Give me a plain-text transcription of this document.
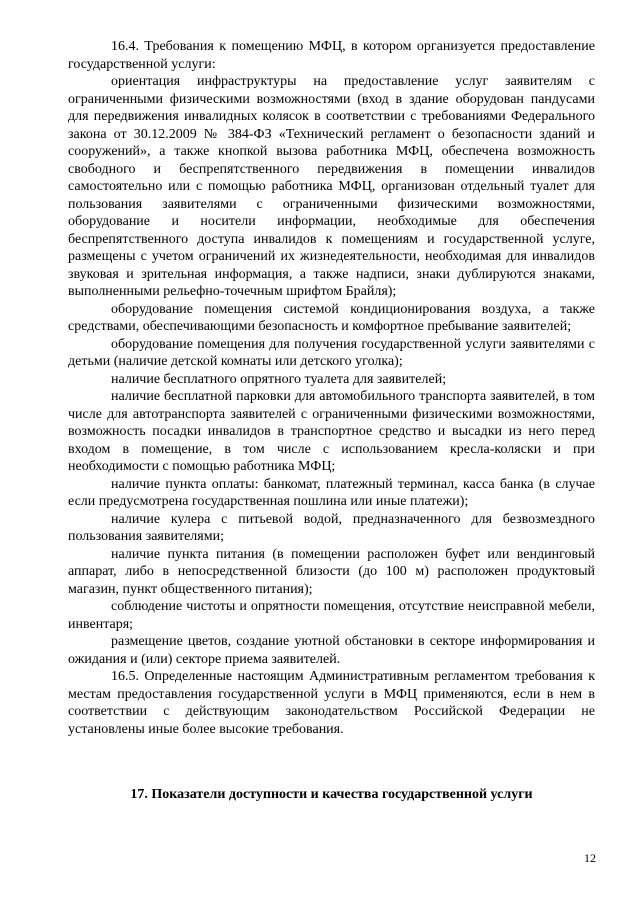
16.4. Требования к помещению МФЦ, в котором организуется предоставление государственной услуги:

ориентация инфраструктуры на предоставление услуг заявителям с ограниченными физическими возможностями (вход в здание оборудован пандусами для передвижения инвалидных колясок в соответствии с требованиями Федерального закона от 30.12.2009 № 384-ФЗ «Технический регламент о безопасности зданий и сооружений», а также кнопкой вызова работника МФЦ, обеспечена возможность свободного и беспрепятственного передвижения в помещении инвалидов самостоятельно или с помощью работника МФЦ, организован отдельный туалет для пользования заявителями с ограниченными физическими возможностями, оборудование и носители информации, необходимые для обеспечения беспрепятственного доступа инвалидов к помещениям и государственной услуге, размещены с учетом ограничений их жизнедеятельности, необходимая для инвалидов звуковая и зрительная информация, а также надписи, знаки дублируются знаками, выполненными рельефно-точечным шрифтом Брайля);

оборудование помещения системой кондиционирования воздуха, а также средствами, обеспечивающими безопасность и комфортное пребывание заявителей;

оборудование помещения для получения государственной услуги заявителями с детьми (наличие детской комнаты или детского уголка);

наличие бесплатного опрятного туалета для заявителей;

наличие бесплатной парковки для автомобильного транспорта заявителей, в том числе для автотранспорта заявителей с ограниченными физическими возможностями, возможность посадки инвалидов в транспортное средство и высадки из него перед входом в помещение, в том числе с использованием кресла-коляски и при необходимости с помощью работника МФЦ;

наличие пункта оплаты: банкомат, платежный терминал, касса банка (в случае если предусмотрена государственная пошлина или иные платежи);

наличие кулера с питьевой водой, предназначенного для безвозмездного пользования заявителями;

наличие пункта питания (в помещении расположен буфет или вендинговый аппарат, либо в непосредственной близости (до 100 м) расположен продуктовый магазин, пункт общественного питания);

соблюдение чистоты и опрятности помещения, отсутствие неисправной мебели, инвентаря;

размещение цветов, создание уютной обстановки в секторе информирования и ожидания и (или) секторе приема заявителей.

16.5. Определенные настоящим Административным регламентом требования к местам предоставления государственной услуги в МФЦ применяются, если в нем в соответствии с действующим законодательством Российской Федерации не установлены иные более высокие требования.

17. Показатели доступности и качества государственной услуги
12
